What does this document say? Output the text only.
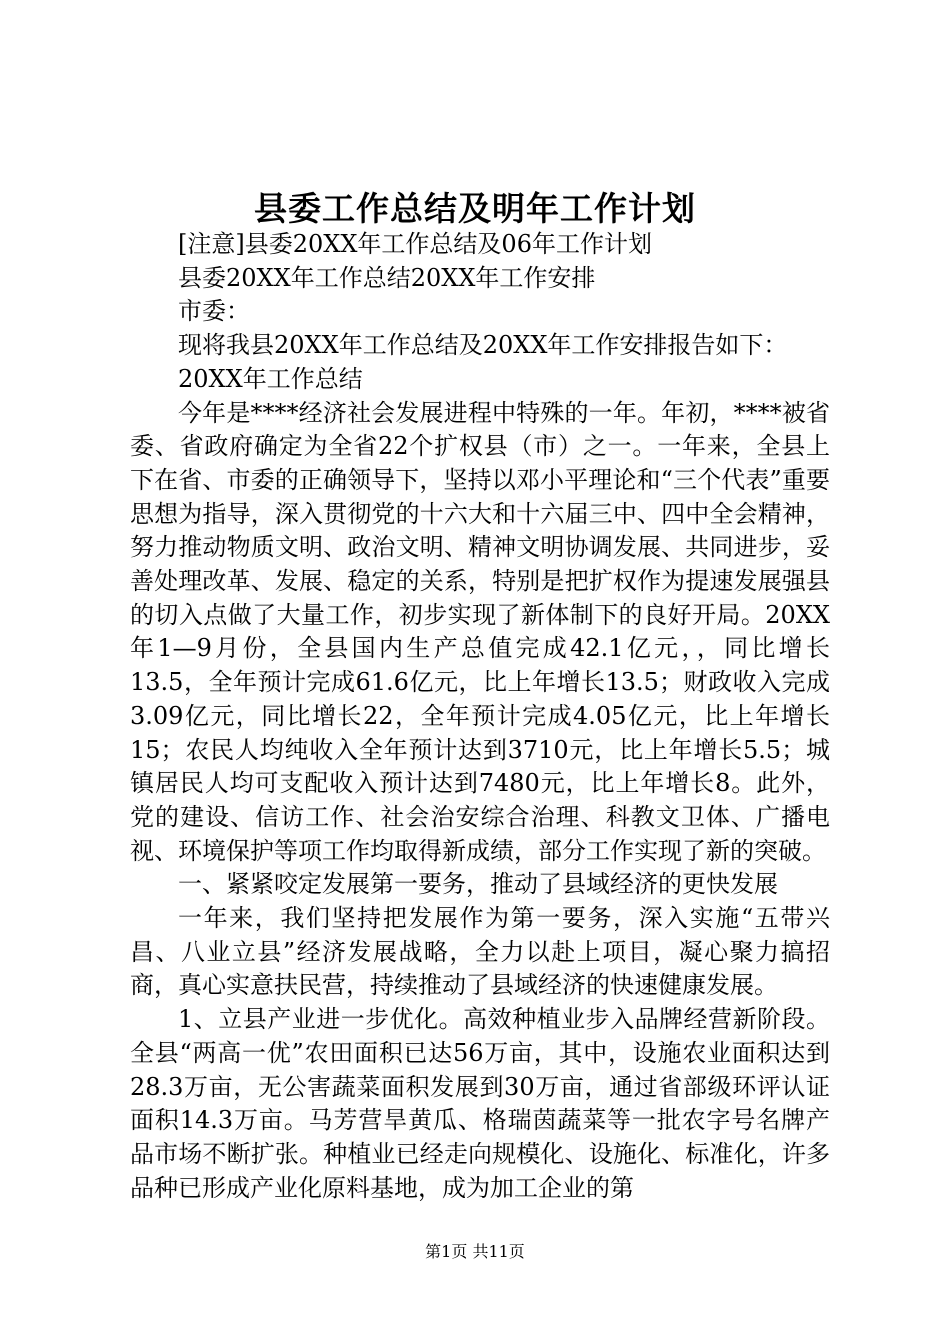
县委工作总结及明年工作计划

[注意]县委20XX年工作总结及06年工作计划

县委20XX年工作总结20XX年工作安排

市委：

现将我县20XX年工作总结及20XX年工作安排报告如下：

20XX年工作总结

今年是****经济社会发展进程中特殊的一年。年初，****被省委、省政府确定为全省22个扩权县（市）之一。一年来，全县上下在省、市委的正确领导下，坚持以邓小平理论和“三个代表”重要思想为指导，深入贯彻党的十六大和十六届三中、四中全会精神，努力推动物质文明、政治文明、精神文明协调发展、共同进步，妥善处理改革、发展、稳定的关系，特别是把扩权作为提速发展强县的切入点做了大量工作，初步实现了新体制下的良好开局。20XX年1—9月份，全县国内生产总值完成42.1亿元，，同比增长13.5，全年预计完成61.6亿元，比上年增长13.5；财政收入完成3.09亿元，同比增长22，全年预计完成4.05亿元，比上年增长15；农民人均纯收入全年预计达到3710元，比上年增长5.5；城镇居民人均可支配收入预计达到7480元，比上年增长8。此外，党的建设、信访工作、社会治安综合治理、科教文卫体、广播电视、环境保护等项工作均取得新成绩，部分工作实现了新的突破。

一、紧紧咬定发展第一要务，推动了县域经济的更快发展

一年来，我们坚持把发展作为第一要务，深入实施“五带兴昌、八业立县”经济发展战略，全力以赴上项目，凝心聚力搞招商，真心实意扶民营，持续推动了县域经济的快速健康发展。

1、立县产业进一步优化。高效种植业步入品牌经营新阶段。全县“两高一优”农田面积已达56万亩，其中，设施农业面积达到28.3万亩，无公害蔬菜面积发展到30万亩，通过省部级环评认证面积14.3万亩。马芳营旱黄瓜、格瑞茵蔬菜等一批农字号名牌产品市场不断扩张。种植业已经走向规模化、设施化、标准化，许多品种已形成产业化原料基地，成为加工企业的第

第1页 共11页
